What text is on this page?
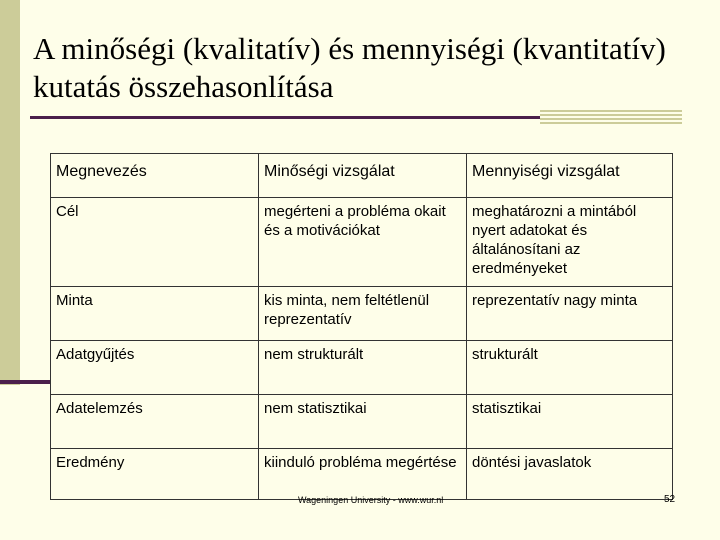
A minőségi (kvalitatív) és mennyiségi (kvantitatív) kutatás összehasonlítása
Megnevezés	Minőségi vizsgálat	Mennyiségi vizsgálat
Cél	megérteni a probléma okait és a motivációkat	meghatározni a mintából nyert adatokat és általánosítani az eredményeket
Minta	kis minta, nem feltétlenül reprezentatív	reprezentatív nagy minta
Adatgyűjtés	nem strukturált	strukturált
Adatelemzés	nem statisztikai	statisztikai
Eredmény	kiinduló probléma megértése	döntési javaslatok
Wageningen University - www.wur.nl	52
